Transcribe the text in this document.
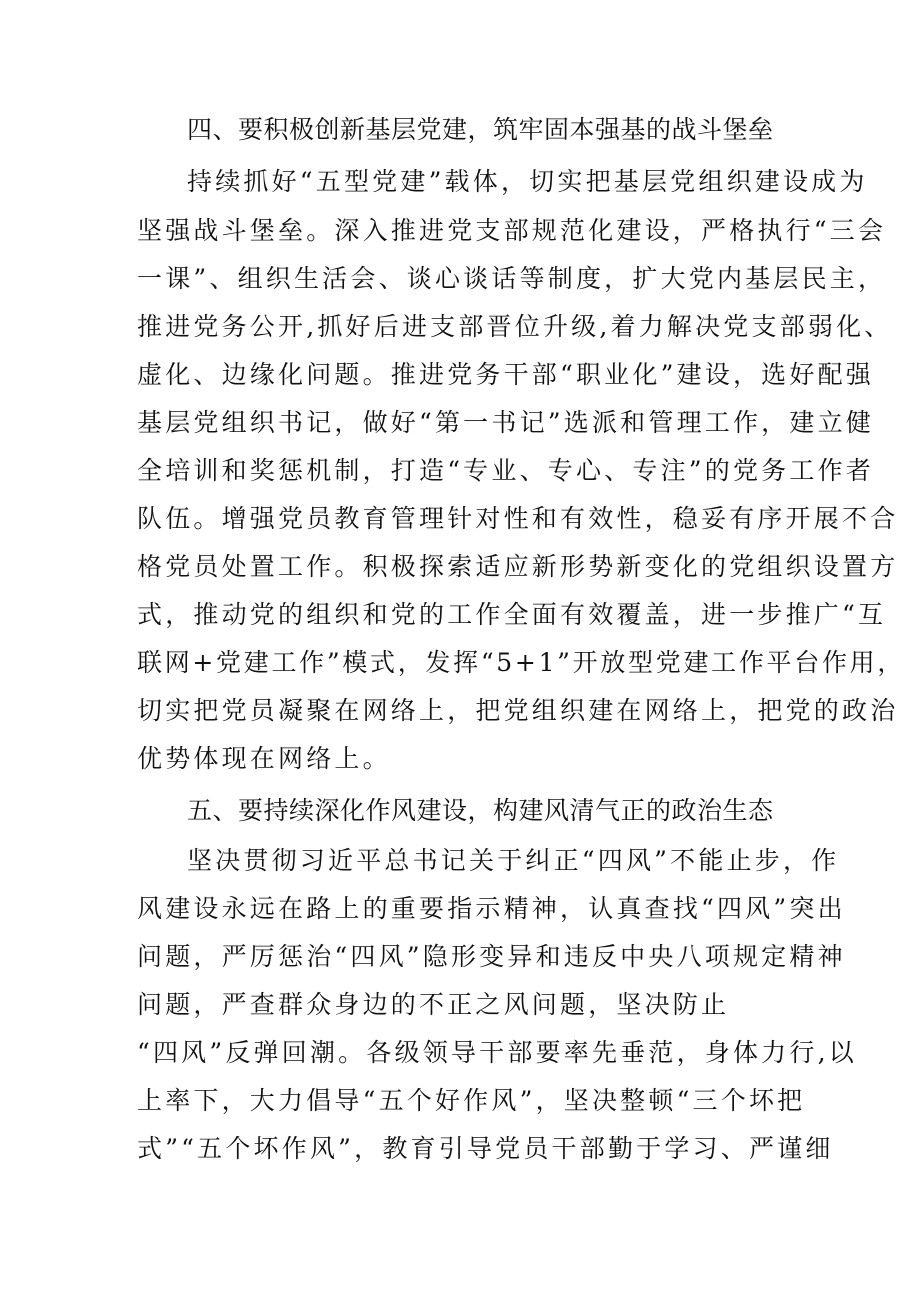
四、要积极创新基层党建，筑牢固本强基的战斗堡垒
持续抓好“五型党建”载体，切实把基层党组织建设成为
坚强战斗堡垒。深入推进党支部规范化建设，严格执行“三会
一课”、组织生活会、谈心谈话等制度，扩大党内基层民主，
推进党务公开,抓好后进支部晋位升级,着力解决党支部弱化、
虚化、边缘化问题。推进党务干部“职业化”建设，选好配强
基层党组织书记，做好“第一书记”选派和管理工作，建立健
全培训和奖惩机制，打造“专业、专心、专注”的党务工作者
队伍。增强党员教育管理针对性和有效性，稳妥有序开展不合
格党员处置工作。积极探索适应新形势新变化的党组织设置方
式，推动党的组织和党的工作全面有效覆盖，进一步推广“互
联网+党建工作”模式，发挥“5+1”开放型党建工作平台作用，
切实把党员凝聚在网络上，把党组织建在网络上，把党的政治
优势体现在网络上。
五、要持续深化作风建设，构建风清气正的政治生态
坚决贯彻习近平总书记关于纠正“四风”不能止步，作
风建设永远在路上的重要指示精神，认真查找“四风”突出
问题，严厉惩治“四风”隐形变异和违反中央八项规定精神
问题，严查群众身边的不正之风问题，坚决防止
“四风”反弹回潮。各级领导干部要率先垂范，身体力行,以
上率下，大力倡导“五个好作风”，坚决整顿“三个坏把
式”“五个坏作风”，教育引导党员干部勤于学习、严谨细
